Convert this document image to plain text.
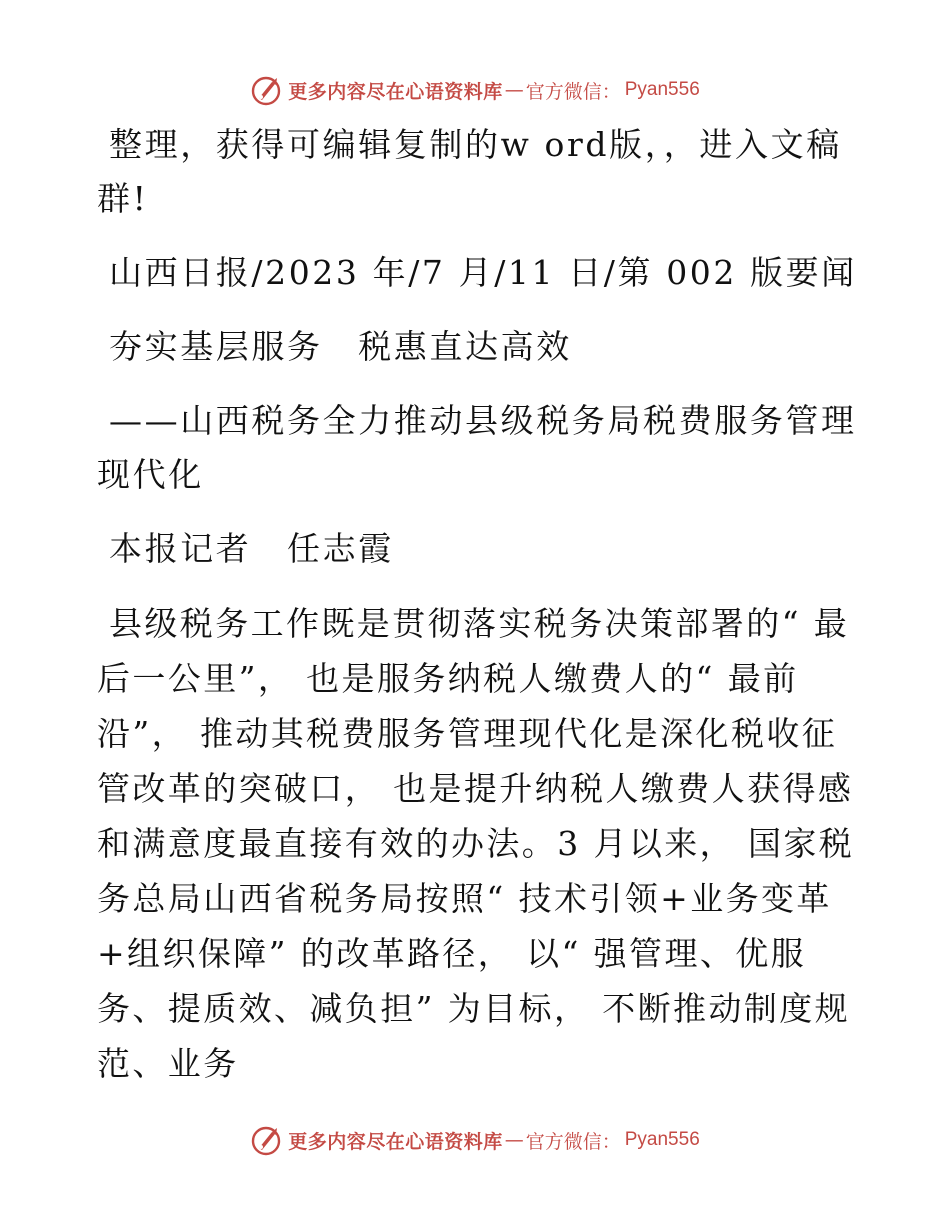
更多内容尽在心语资料库 — 官方微信： Pyan556

整理，获得可编辑复制的w ord版，，进入文稿群!

山西日报/2023 年/7 月/11 日/第 002 版要闻

夯实基层服务　税惠直达高效

——山西税务全力推动县级税务局税费服务管理现代化

本报记者　任志霞

县级税务工作既是贯彻落实税务决策部署的“ 最后一公里”， 也是服务纳税人缴费人的“ 最前沿”， 推动其税费服务管理现代化是深化税收征管改革的突破口， 也是提升纳税人缴费人获得感和满意度最直接有效的办法。3 月以来， 国家税务总局山西省税务局按照“ 技术引领+业务变革+组织保障” 的改革路径， 以“ 强管理、优服务、提质效、减负担” 为目标， 不断推动制度规范、业务

更多内容尽在心语资料库 — 官方微信： Pyan556
